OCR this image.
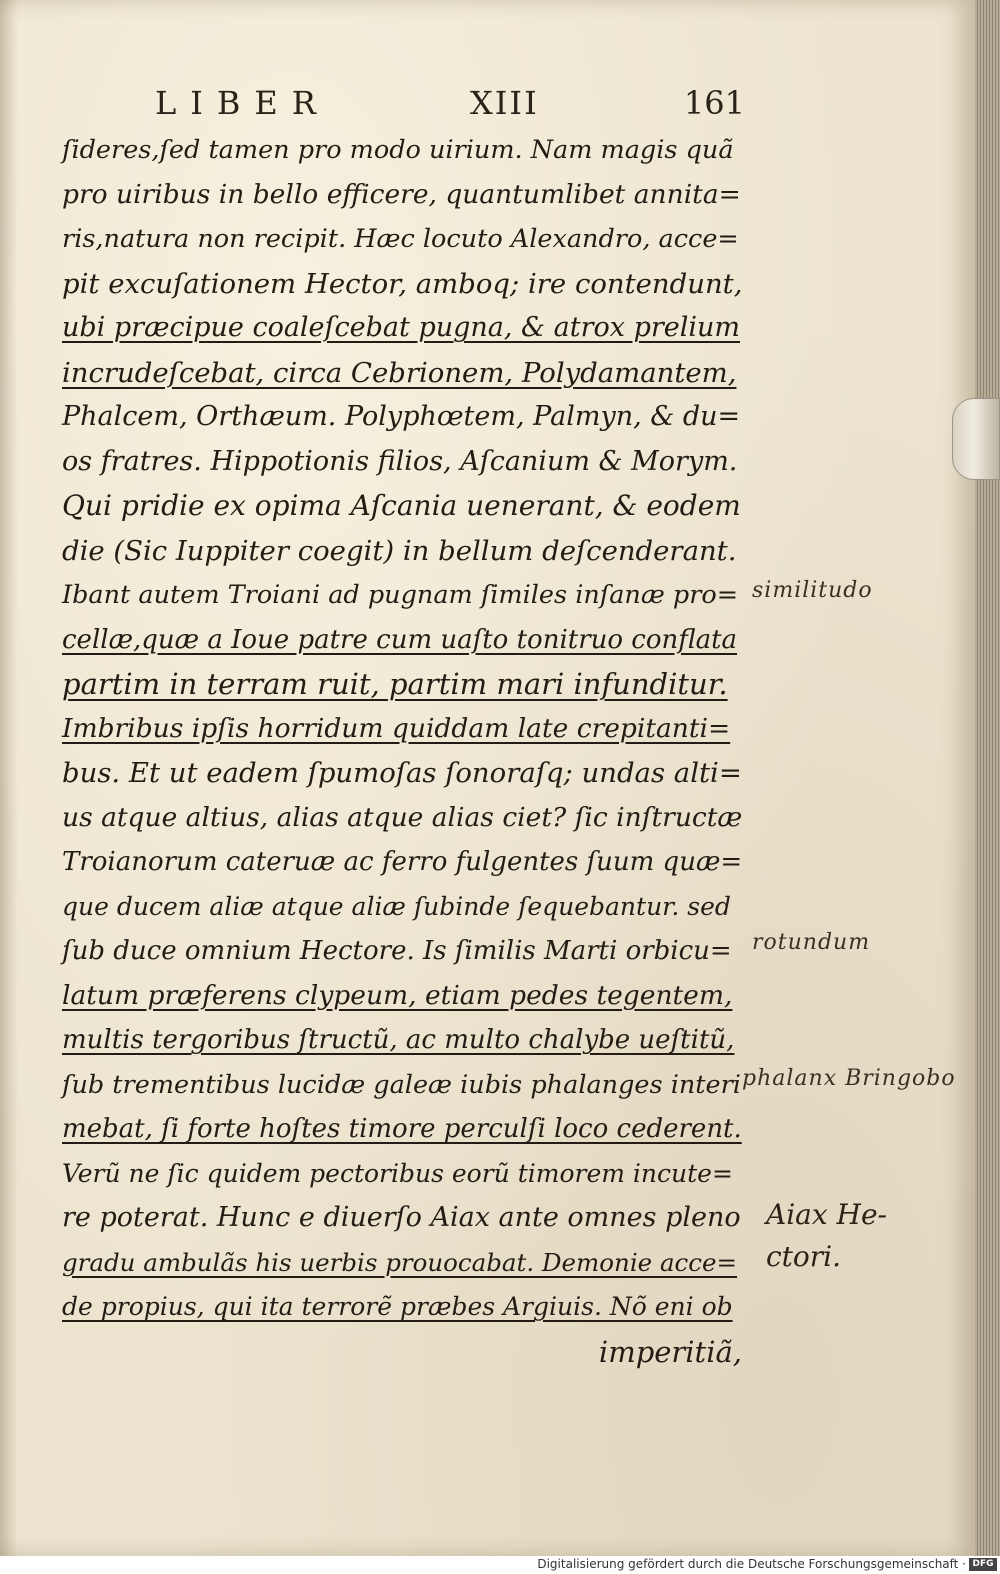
LIBER	XIII	161
ſideres,ſed tamen pro modo uirium. Nam magis quã
pro uiribus in bello efficere, quantumlibet annita=
ris,natura non recipit. Hæc locuto Alexandro, acce=
pit excuſationem Hector, amboq; ire contendunt,
ubi præcipue coaleſcebat pugna, & atrox prelium
incrudeſcebat, circa Cebrionem, Polydamantem,
Phalcem, Orthæum. Polyphœtem, Palmyn, & du=
os fratres. Hippotionis filios, Aſcanium & Morym.
Qui pridie ex opima Aſcania uenerant, & eodem
die (Sic Iuppiter coegit) in bellum deſcenderant.
Ibant autem Troiani ad pugnam ſimiles inſanæ pro=
cellæ,quæ a Ioue patre cum uaſto tonitruo conflata
partim in terram ruit, partim mari infunditur.
Imbribus ipſis horridum quiddam late crepitanti=
bus. Et ut eadem ſpumoſas ſonoraſq; undas alti=
us atque altius, alias atque alias ciet? ſic inſtructæ
Troianorum cateruæ ac ferro fulgentes ſuum quæ=
que ducem aliæ atque aliæ ſubinde ſequebantur. sed
ſub duce omnium Hectore. Is ſimilis Marti orbicu=
latum præferens clypeum, etiam pedes tegentem,
multis tergoribus ſtructũ, ac multo chalybe ueſtitũ,
ſub trementibus lucidæ galeæ iubis phalanges interi
mebat, ſi forte hoſtes timore perculſi loco cederent.
Verũ ne ſic quidem pectoribus eorũ timorem incute=
re poterat. Hunc e diuerſo Aiax ante omnes pleno
gradu ambulãs his uerbis prouocabat. Demonie acce=
de propius, qui ita terrorẽ præbes Argiuis. Nõ eni ob
imperitiã,
similitudo
rotundum
phalanx Bringobo
Aiax He-
ctori.
Digitalisierung gefördert durch die Deutsche Forschungsgemeinschaft · DFG
